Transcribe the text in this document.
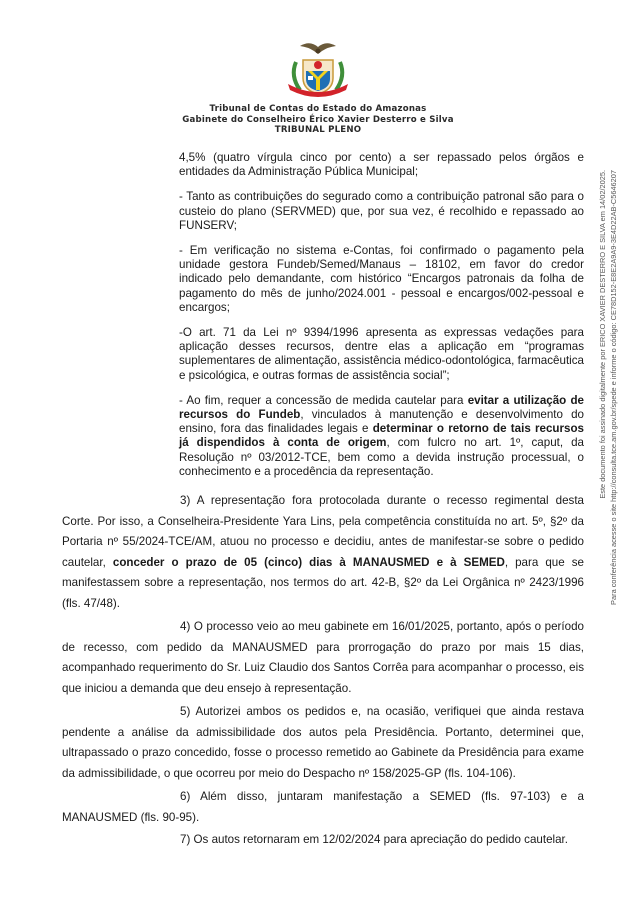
Tribunal de Contas do Estado do Amazonas
Gabinete do Conselheiro Érico Xavier Desterro e Silva
TRIBUNAL PLENO

4,5% (quatro vírgula cinco por cento) a ser repassado pelos órgãos e entidades da Administração Pública Municipal;

- Tanto as contribuições do segurado como a contribuição patronal são para o custeio do plano (SERVMED) que, por sua vez, é recolhido e repassado ao FUNSERV;

- Em verificação no sistema e-Contas, foi confirmado o pagamento pela unidade gestora Fundeb/Semed/Manaus – 18102, em favor do credor indicado pelo demandante, com histórico “Encargos patronais da folha de pagamento do mês de junho/2024.001 - pessoal e encargos/002-pessoal e encargos;

-O art. 71 da Lei nº 9394/1996 apresenta as expressas vedações para aplicação desses recursos, dentre elas a aplicação em “programas suplementares de alimentação, assistência médico-odontológica, farmacêutica e psicológica, e outras formas de assistência social”;

- Ao fim, requer a concessão de medida cautelar para evitar a utilização de recursos do Fundeb, vinculados à manutenção e desenvolvimento do ensino, fora das finalidades legais e determinar o retorno de tais recursos já dispendidos à conta de origem, com fulcro no art. 1º, caput, da Resolução nº 03/2012-TCE, bem como a devida instrução processual, o conhecimento e a procedência da representação.

3) A representação fora protocolada durante o recesso regimental desta Corte. Por isso, a Conselheira-Presidente Yara Lins, pela competência constituída no art. 5º, §2º da Portaria nº 55/2024-TCE/AM, atuou no processo e decidiu, antes de manifestar-se sobre o pedido cautelar, conceder o prazo de 05 (cinco) dias à MANAUSMED e à SEMED, para que se manifestassem sobre a representação, nos termos do art. 42-B, §2º da Lei Orgânica nº 2423/1996 (fls. 47/48).

4) O processo veio ao meu gabinete em 16/01/2025, portanto, após o período de recesso, com pedido da MANAUSMED para prorrogação do prazo por mais 15 dias, acompanhado requerimento do Sr. Luiz Claudio dos Santos Corrêa para acompanhar o processo, eis que iniciou a demanda que deu ensejo à representação.

5) Autorizei ambos os pedidos e, na ocasião, verifiquei que ainda restava pendente a análise da admissibilidade dos autos pela Presidência. Portanto, determinei que, ultrapassado o prazo concedido, fosse o processo remetido ao Gabinete da Presidência para exame da admissibilidade, o que ocorreu por meio do Despacho nº 158/2025-GP (fls. 104-106).

6) Além disso, juntaram manifestação a SEMED (fls. 97-103) e a MANAUSMED (fls. 90-95).

7) Os autos retornaram em 12/02/2024 para apreciação do pedido cautelar.

Este documento foi assinado digitalmente por ERICO XAVIER DESTERRO E SILVA em 14/02/2025. Para conferência acesse o site http://consulta.tce.am.gov.br/spede e informe o código: CE78D152-E8E2A9A9-3E4D22AB-C5646207
